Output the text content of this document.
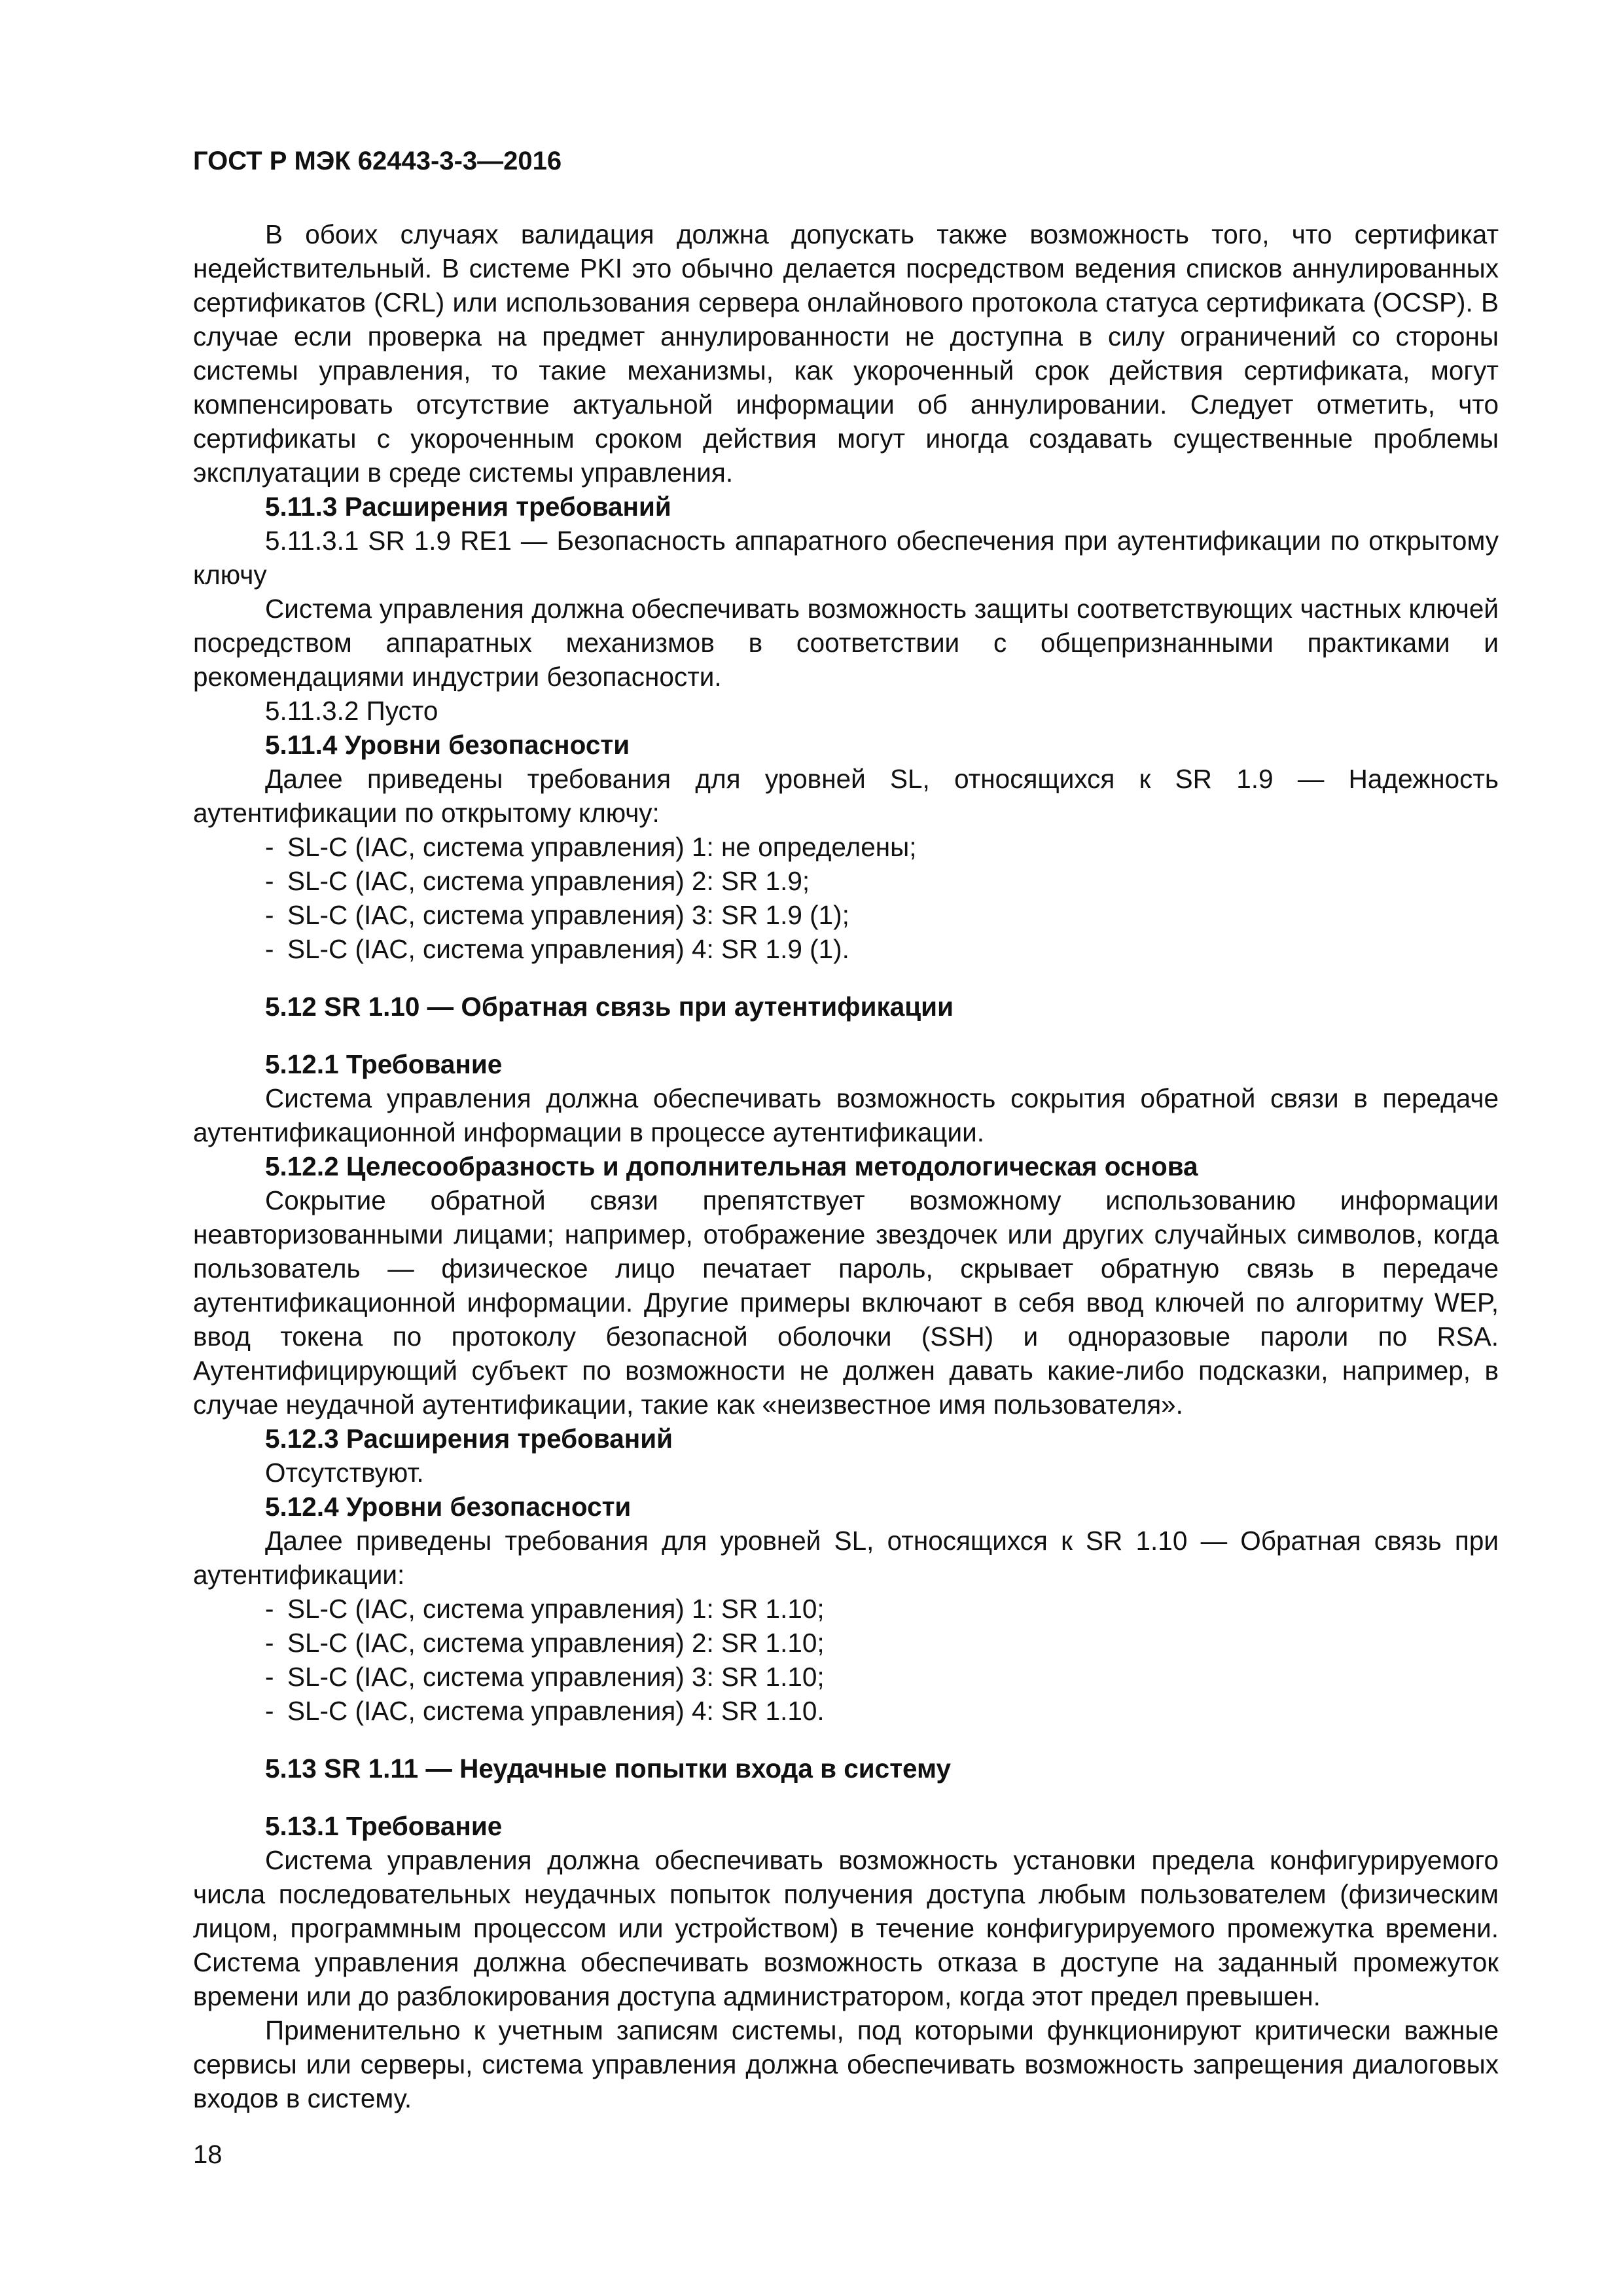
ГОСТ Р МЭК 62443-3-3—2016

В обоих случаях валидация должна допускать также возможность того, что сертификат недействительный. В системе PKI это обычно делается посредством ведения списков аннулированных сертификатов (CRL) или использования сервера онлайнового протокола статуса сертификата (OCSP). В случае если проверка на предмет аннулированности не доступна в силу ограничений со стороны системы управления, то такие механизмы, как укороченный срок действия сертификата, могут компенсировать отсутствие актуальной информации об аннулировании. Следует отметить, что сертификаты с укороченным сроком действия могут иногда создавать существенные проблемы эксплуатации в среде системы управления.

5.11.3 Расширения требований

5.11.3.1 SR 1.9 RE1 — Безопасность аппаратного обеспечения при аутентификации по открытому ключу

Система управления должна обеспечивать возможность защиты соответствующих частных ключей посредством аппаратных механизмов в соответствии с общепризнанными практиками и рекомендациями индустрии безопасности.

5.11.3.2 Пусто

5.11.4 Уровни безопасности

Далее приведены требования для уровней SL, относящихся к SR 1.9 — Надежность аутентификации по открытому ключу:

- SL-C (IAC, система управления) 1: не определены;
- SL-C (IAC, система управления) 2: SR 1.9;
- SL-C (IAC, система управления) 3: SR 1.9 (1);
- SL-C (IAC, система управления) 4: SR 1.9 (1).

5.12 SR 1.10 — Обратная связь при аутентификации

5.12.1 Требование

Система управления должна обеспечивать возможность сокрытия обратной связи в передаче аутентификационной информации в процессе аутентификации.

5.12.2 Целесообразность и дополнительная методологическая основа

Сокрытие обратной связи препятствует возможному использованию информации неавторизованными лицами; например, отображение звездочек или других случайных символов, когда пользователь — физическое лицо печатает пароль, скрывает обратную связь в передаче аутентификационной информации. Другие примеры включают в себя ввод ключей по алгоритму WEP, ввод токена по протоколу безопасной оболочки (SSH) и одноразовые пароли по RSA. Аутентифицирующий субъект по возможности не должен давать какие-либо подсказки, например, в случае неудачной аутентификации, такие как «неизвестное имя пользователя».

5.12.3 Расширения требований

Отсутствуют.

5.12.4 Уровни безопасности

Далее приведены требования для уровней SL, относящихся к SR 1.10 — Обратная связь при аутентификации:

- SL-C (IAC, система управления) 1: SR 1.10;
- SL-C (IAC, система управления) 2: SR 1.10;
- SL-C (IAC, система управления) 3: SR 1.10;
- SL-C (IAC, система управления) 4: SR 1.10.

5.13 SR 1.11 — Неудачные попытки входа в систему

5.13.1 Требование

Система управления должна обеспечивать возможность установки предела конфигурируемого числа последовательных неудачных попыток получения доступа любым пользователем (физическим лицом, программным процессом или устройством) в течение конфигурируемого промежутка времени. Система управления должна обеспечивать возможность отказа в доступе на заданный промежуток времени или до разблокирования доступа администратором, когда этот предел превышен.

Применительно к учетным записям системы, под которыми функционируют критически важные сервисы или серверы, система управления должна обеспечивать возможность запрещения диалоговых входов в систему.

18
